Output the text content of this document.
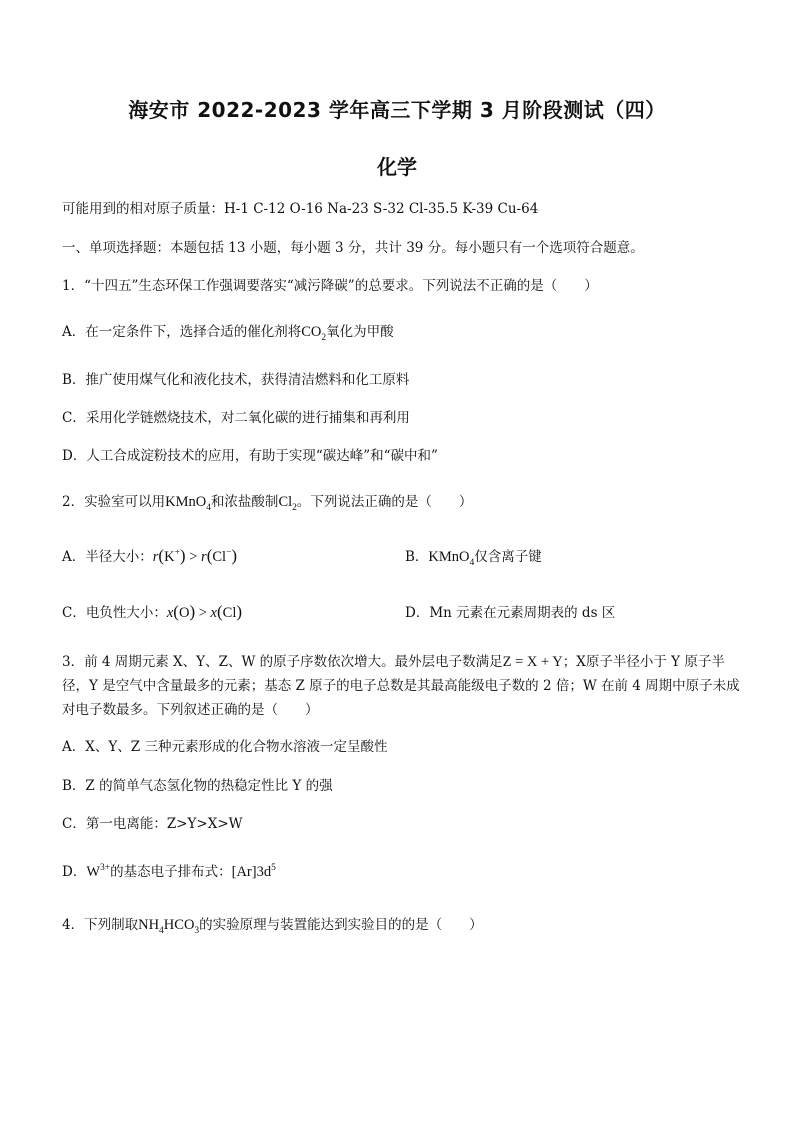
海安市 2022-2023 学年高三下学期 3 月阶段测试（四）
化学
可能用到的相对原子质量：H-1 C-12 O-16 Na-23 S-32 Cl-35.5 K-39 Cu-64
一、单项选择题：本题包括 13 小题，每小题 3 分，共计 39 分。每小题只有一个选项符合题意。
1．“十四五”生态环保工作强调要落实“减污降碳”的总要求。下列说法不正确的是（　　）
A．在一定条件下，选择合适的催化剂将$CO_2$氧化为甲酸
B．推广使用煤气化和液化技术，获得清洁燃料和化工原料
C．采用化学链燃烧技术，对二氧化碳的进行捕集和再利用
D．人工合成淀粉技术的应用，有助于实现“碳达峰”和“碳中和”
2．实验室可以用KMnO$_4$和浓盐酸制$Cl_2$。下列说法正确的是（　　）
A．半径大小：r(K+) > r(Cl−)	B．KMnO$_4$仅含离子键
C．电负性大小：x(O) > x(Cl)	D．Mn 元素在元素周期表的 ds 区
3．前 4 周期元素 X、Y、Z、W 的原子序数依次增大。最外层电子数满足Z = X + Y；X原子半径小于 Y 原子半径，Y 是空气中含量最多的元素；基态 Z 原子的电子总数是其最高能级电子数的 2 倍；W 在前 4 周期中原子未成对电子数最多。下列叙述正确的是（　　）
A．X、Y、Z 三种元素形成的化合物水溶液一定呈酸性
B．Z 的简单气态氢化物的热稳定性比 Y 的强
C．第一电离能：Z>Y>X>W
D．$W^{3+}$的基态电子排布式：$[Ar]3d^5$
4．下列制取$NH_4HCO_3$的实验原理与装置能达到实验目的的是（　　）
